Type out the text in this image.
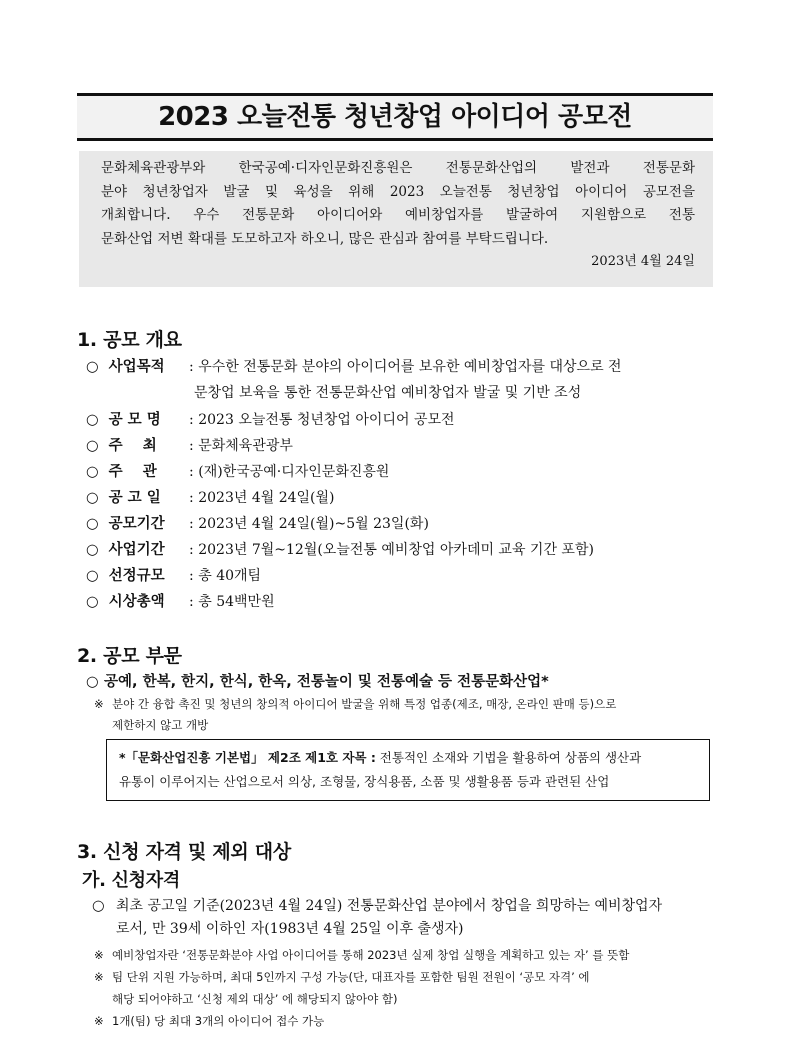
2023 오늘전통 청년창업 아이디어 공모전
문화체육관광부와 한국공예·디자인문화진흥원은 전통문화산업의 발전과 전통문화
분야 청년창업자 발굴 및 육성을 위해 2023 오늘전통 청년창업 아이디어 공모전을
개최합니다. 우수 전통문화 아이디어와 예비창업자를 발굴하여 지원함으로 전통
문화산업 저변 확대를 도모하고자 하오니, 많은 관심과 참여를 부탁드립니다.
2023년 4월 24일
1. 공모 개요
○ 사업목적 : 우수한 전통문화 분야의 아이디어를 보유한 예비창업자를 대상으로 전
문창업 보육을 통한 전통문화산업 예비창업자 발굴 및 기반 조성
○ 공 모 명 : 2023 오늘전통 청년창업 아이디어 공모전
○ 주    최 : 문화체육관광부
○ 주    관 : (재)한국공예·디자인문화진흥원
○ 공 고 일 : 2023년 4월 24일(월)
○ 공모기간 : 2023년 4월 24일(월)~5월 23일(화)
○ 사업기간 : 2023년 7월~12월(오늘전통 예비창업 아카데미 교육 기간 포함)
○ 선정규모 : 총 40개팀
○ 시상총액 : 총 54백만원
2. 공모 부문
○ 공예, 한복, 한지, 한식, 한옥, 전통놀이 및 전통예술 등 전통문화산업*
※ 분야 간 융합 촉진 및 청년의 창의적 아이디어 발굴을 위해 특정 업종(제조, 매장, 온라인 판매 등)으로
제한하지 않고 개방
*「문화산업진흥 기본법」 제2조 제1호 자목 : 전통적인 소재와 기법을 활용하여 상품의 생산과
유통이 이루어지는 산업으로서 의상, 조형물, 장식용품, 소품 및 생활용품 등과 관련된 산업
3. 신청 자격 및 제외 대상
가. 신청자격
○ 최초 공고일 기준(2023년 4월 24일) 전통문화산업 분야에서 창업을 희망하는 예비창업자
로서, 만 39세 이하인 자(1983년 4월 25일 이후 출생자)
※ 예비창업자란 ‘전통문화분야 사업 아이디어를 통해 2023년 실제 창업 실행을 계획하고 있는 자’ 를 뜻함
※ 팀 단위 지원 가능하며, 최대 5인까지 구성 가능(단, 대표자를 포함한 팀원 전원이 ‘공모 자격’ 에
해당 되어야하고 ‘신청 제외 대상’ 에 해당되지 않아야 함)
※ 1개(팀) 당 최대 3개의 아이디어 접수 가능
